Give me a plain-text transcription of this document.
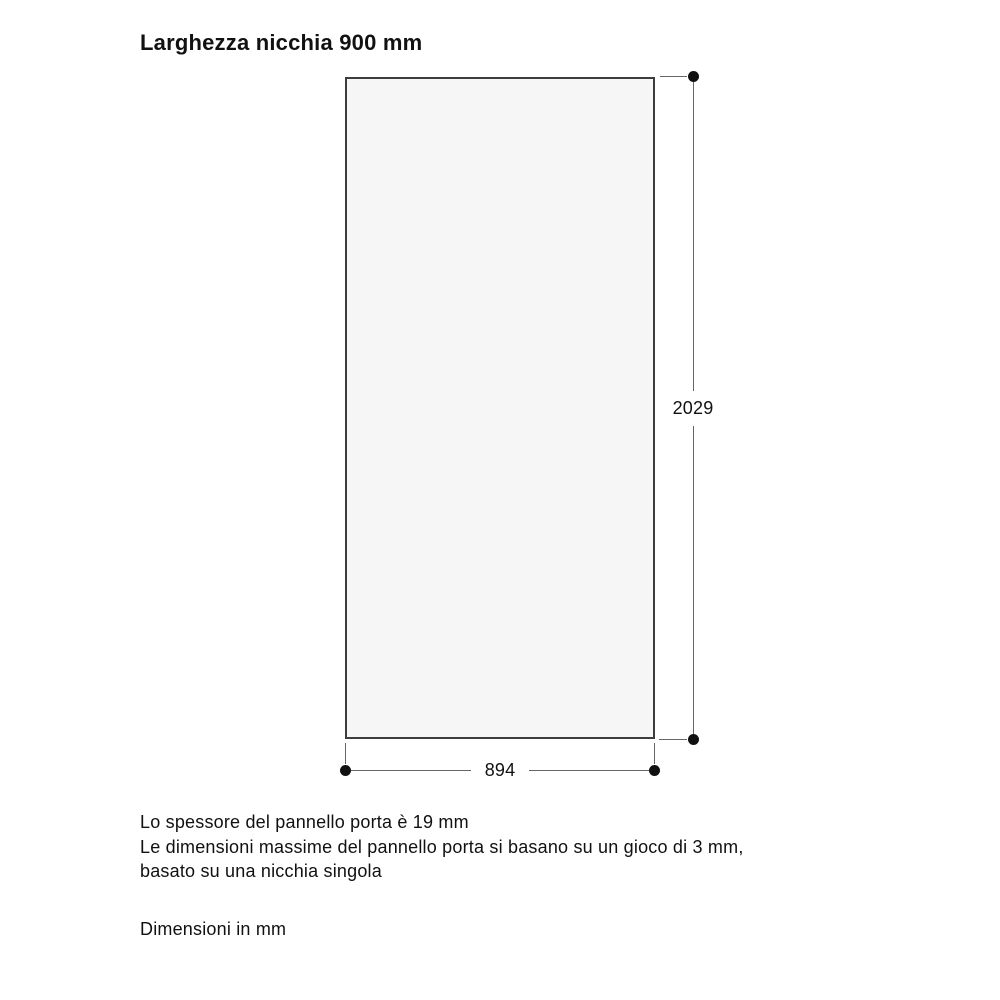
Larghezza nicchia 900 mm
2029
894
Lo spessore del pannello porta è 19 mm
Le dimensioni massime del pannello porta si basano su un gioco di 3 mm,
basato su una nicchia singola
Dimensioni in mm
